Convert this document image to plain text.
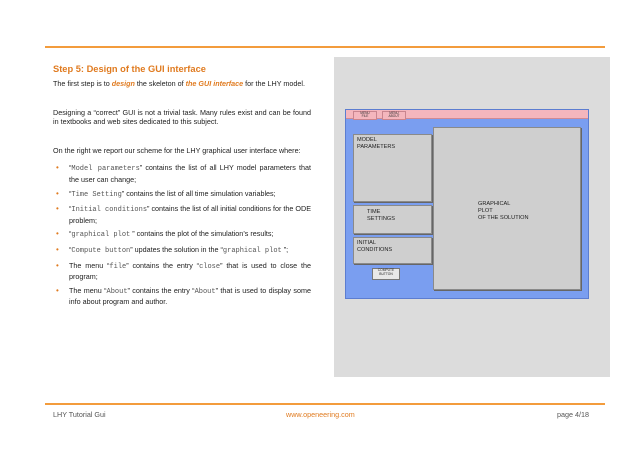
Step 5: Design of the GUI interface

The first step is to design the skeleton of the GUI interface for the LHY model.

Designing a “correct” GUI is not a trivial task. Many rules exist and can be found in textbooks and web sites dedicated to this subject.

On the right we report our scheme for the LHY graphical user interface where:

• “Model parameters” contains the list of all LHY model parameters that the user can change;
• “Time Setting” contains the list of all time simulation variables;
• “Initial conditions” contains the list of all initial conditions for the ODE problem;
• “graphical plot ” contains the plot of the simulation’s results;
• “Compute button” updates the solution in the “graphical plot ”;
• The menu “file” contains the entry “close” that is used to close the program;
• The menu “About” contains the entry “About” that is used to display some info about program and author.
MENU
FILE
MENU
ABOUT
MODEL
PARAMETERS
TIME
SETTINGS
INITIAL
CONDITIONS
COMPUTE
BUTTON
GRAPHICAL
PLOT
OF THE SOLUTION
LHY Tutorial Gui	www.openeering.com	page 4/18
